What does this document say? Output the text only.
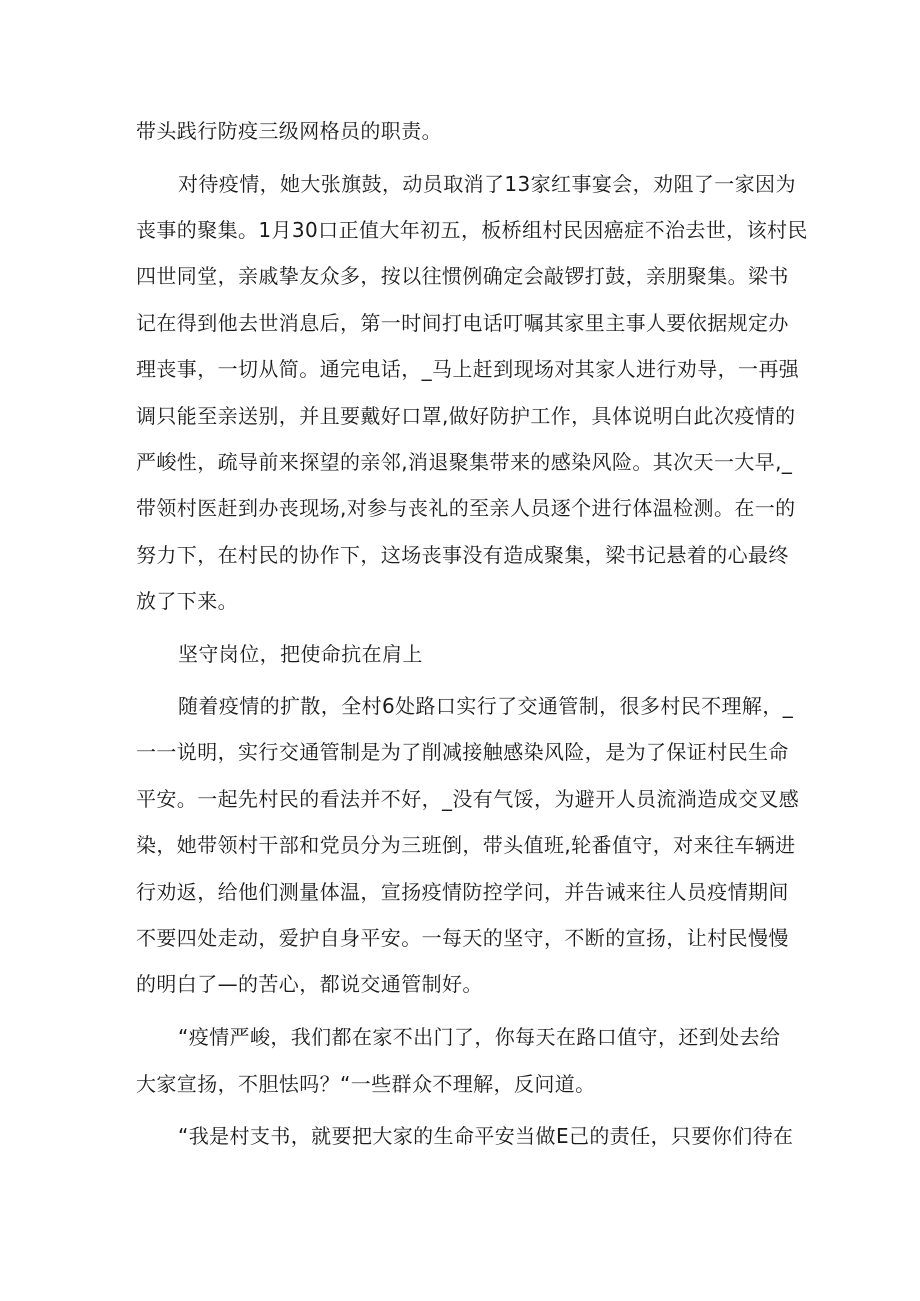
带头践行防疫三级网格员的职责。
对待疫情，她大张旗鼓，动员取消了13家红事宴会，劝阻了一家因为
丧事的聚集。1月30口正值大年初五，板桥组村民因癌症不治去世，该村民
四世同堂，亲戚挚友众多，按以往惯例确定会敲锣打鼓，亲朋聚集。梁书
记在得到他去世消息后，第一时间打电话叮嘱其家里主事人要依据规定办
理丧事，一切从简。通完电话，_马上赶到现场对其家人进行劝导，一再强
调只能至亲送别，并且要戴好口罩,做好防护工作，具体说明白此次疫情的
严峻性，疏导前来探望的亲邻,消退聚集带来的感染风险。其次天一大早,_
带领村医赶到办丧现场,对参与丧礼的至亲人员逐个进行体温检测。在一的
努力下，在村民的协作下，这场丧事没有造成聚集，梁书记悬着的心最终
放了下来。
坚守岗位，把使命抗在肩上
随着疫情的扩散，全村6处路口实行了交通管制，很多村民不理解，_
一一说明，实行交通管制是为了削减接触感染风险，是为了保证村民生命
平安。一起先村民的看法并不好，_没有气馁，为避开人员流淌造成交叉感
染，她带领村干部和党员分为三班倒，带头值班,轮番值守，对来往车辆进
行劝返，给他们测量体温，宣扬疫情防控学问，并告诫来往人员疫情期间
不要四处走动，爱护自身平安。一每天的坚守，不断的宣扬，让村民慢慢
的明白了—的苦心，都说交通管制好。
“疫情严峻，我们都在家不出门了，你每天在路口值守，还到处去给
大家宣扬，不胆怯吗？“一些群众不理解，反问道。
“我是村支书，就要把大家的生命平安当做E己的责任，只要你们待在
